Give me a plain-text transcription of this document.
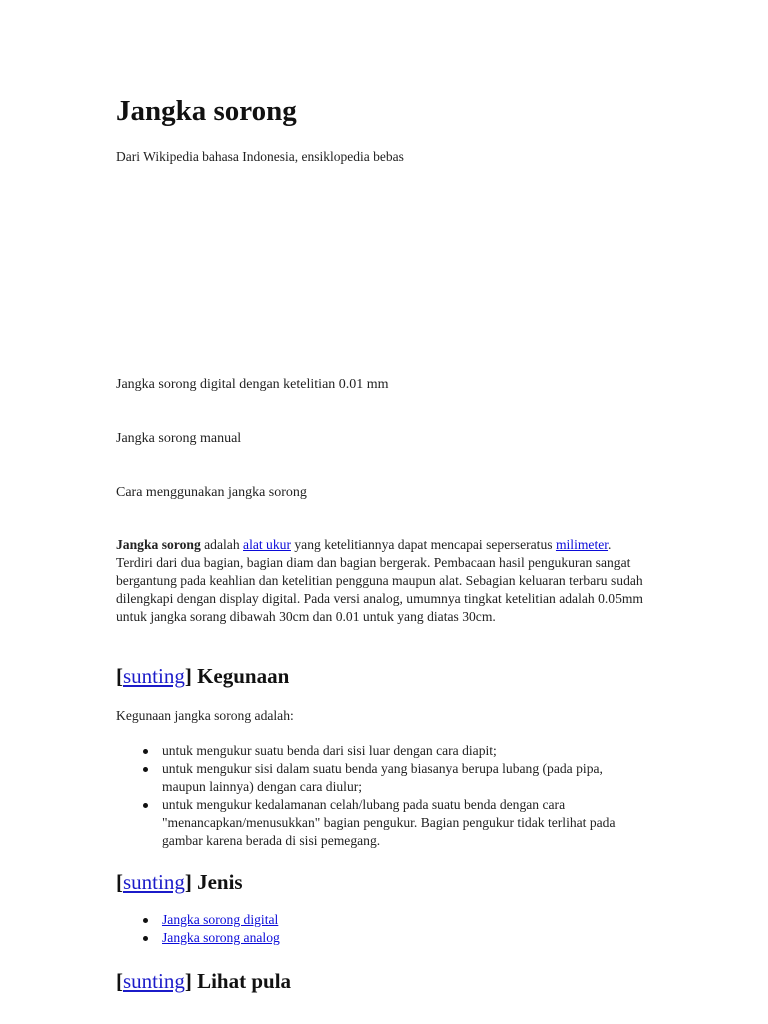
Jangka sorong

Dari Wikipedia bahasa Indonesia, ensiklopedia bebas

Jangka sorong digital dengan ketelitian 0.01 mm

Jangka sorong manual

Cara menggunakan jangka sorong

Jangka sorong adalah alat ukur yang ketelitiannya dapat mencapai seperseratus milimeter. Terdiri dari dua bagian, bagian diam dan bagian bergerak. Pembacaan hasil pengukuran sangat bergantung pada keahlian dan ketelitian pengguna maupun alat. Sebagian keluaran terbaru sudah dilengkapi dengan display digital. Pada versi analog, umumnya tingkat ketelitian adalah 0.05mm untuk jangka sorang dibawah 30cm dan 0.01 untuk yang diatas 30cm.

[sunting] Kegunaan

Kegunaan jangka sorong adalah:

untuk mengukur suatu benda dari sisi luar dengan cara diapit;
untuk mengukur sisi dalam suatu benda yang biasanya berupa lubang (pada pipa, maupun lainnya) dengan cara diulur;
untuk mengukur kedalamanan celah/lubang pada suatu benda dengan cara "menancapkan/menusukkan" bagian pengukur. Bagian pengukur tidak terlihat pada gambar karena berada di sisi pemegang.
[sunting] Jenis
Jangka sorong digital
Jangka sorong analog
[sunting] Lihat pula
